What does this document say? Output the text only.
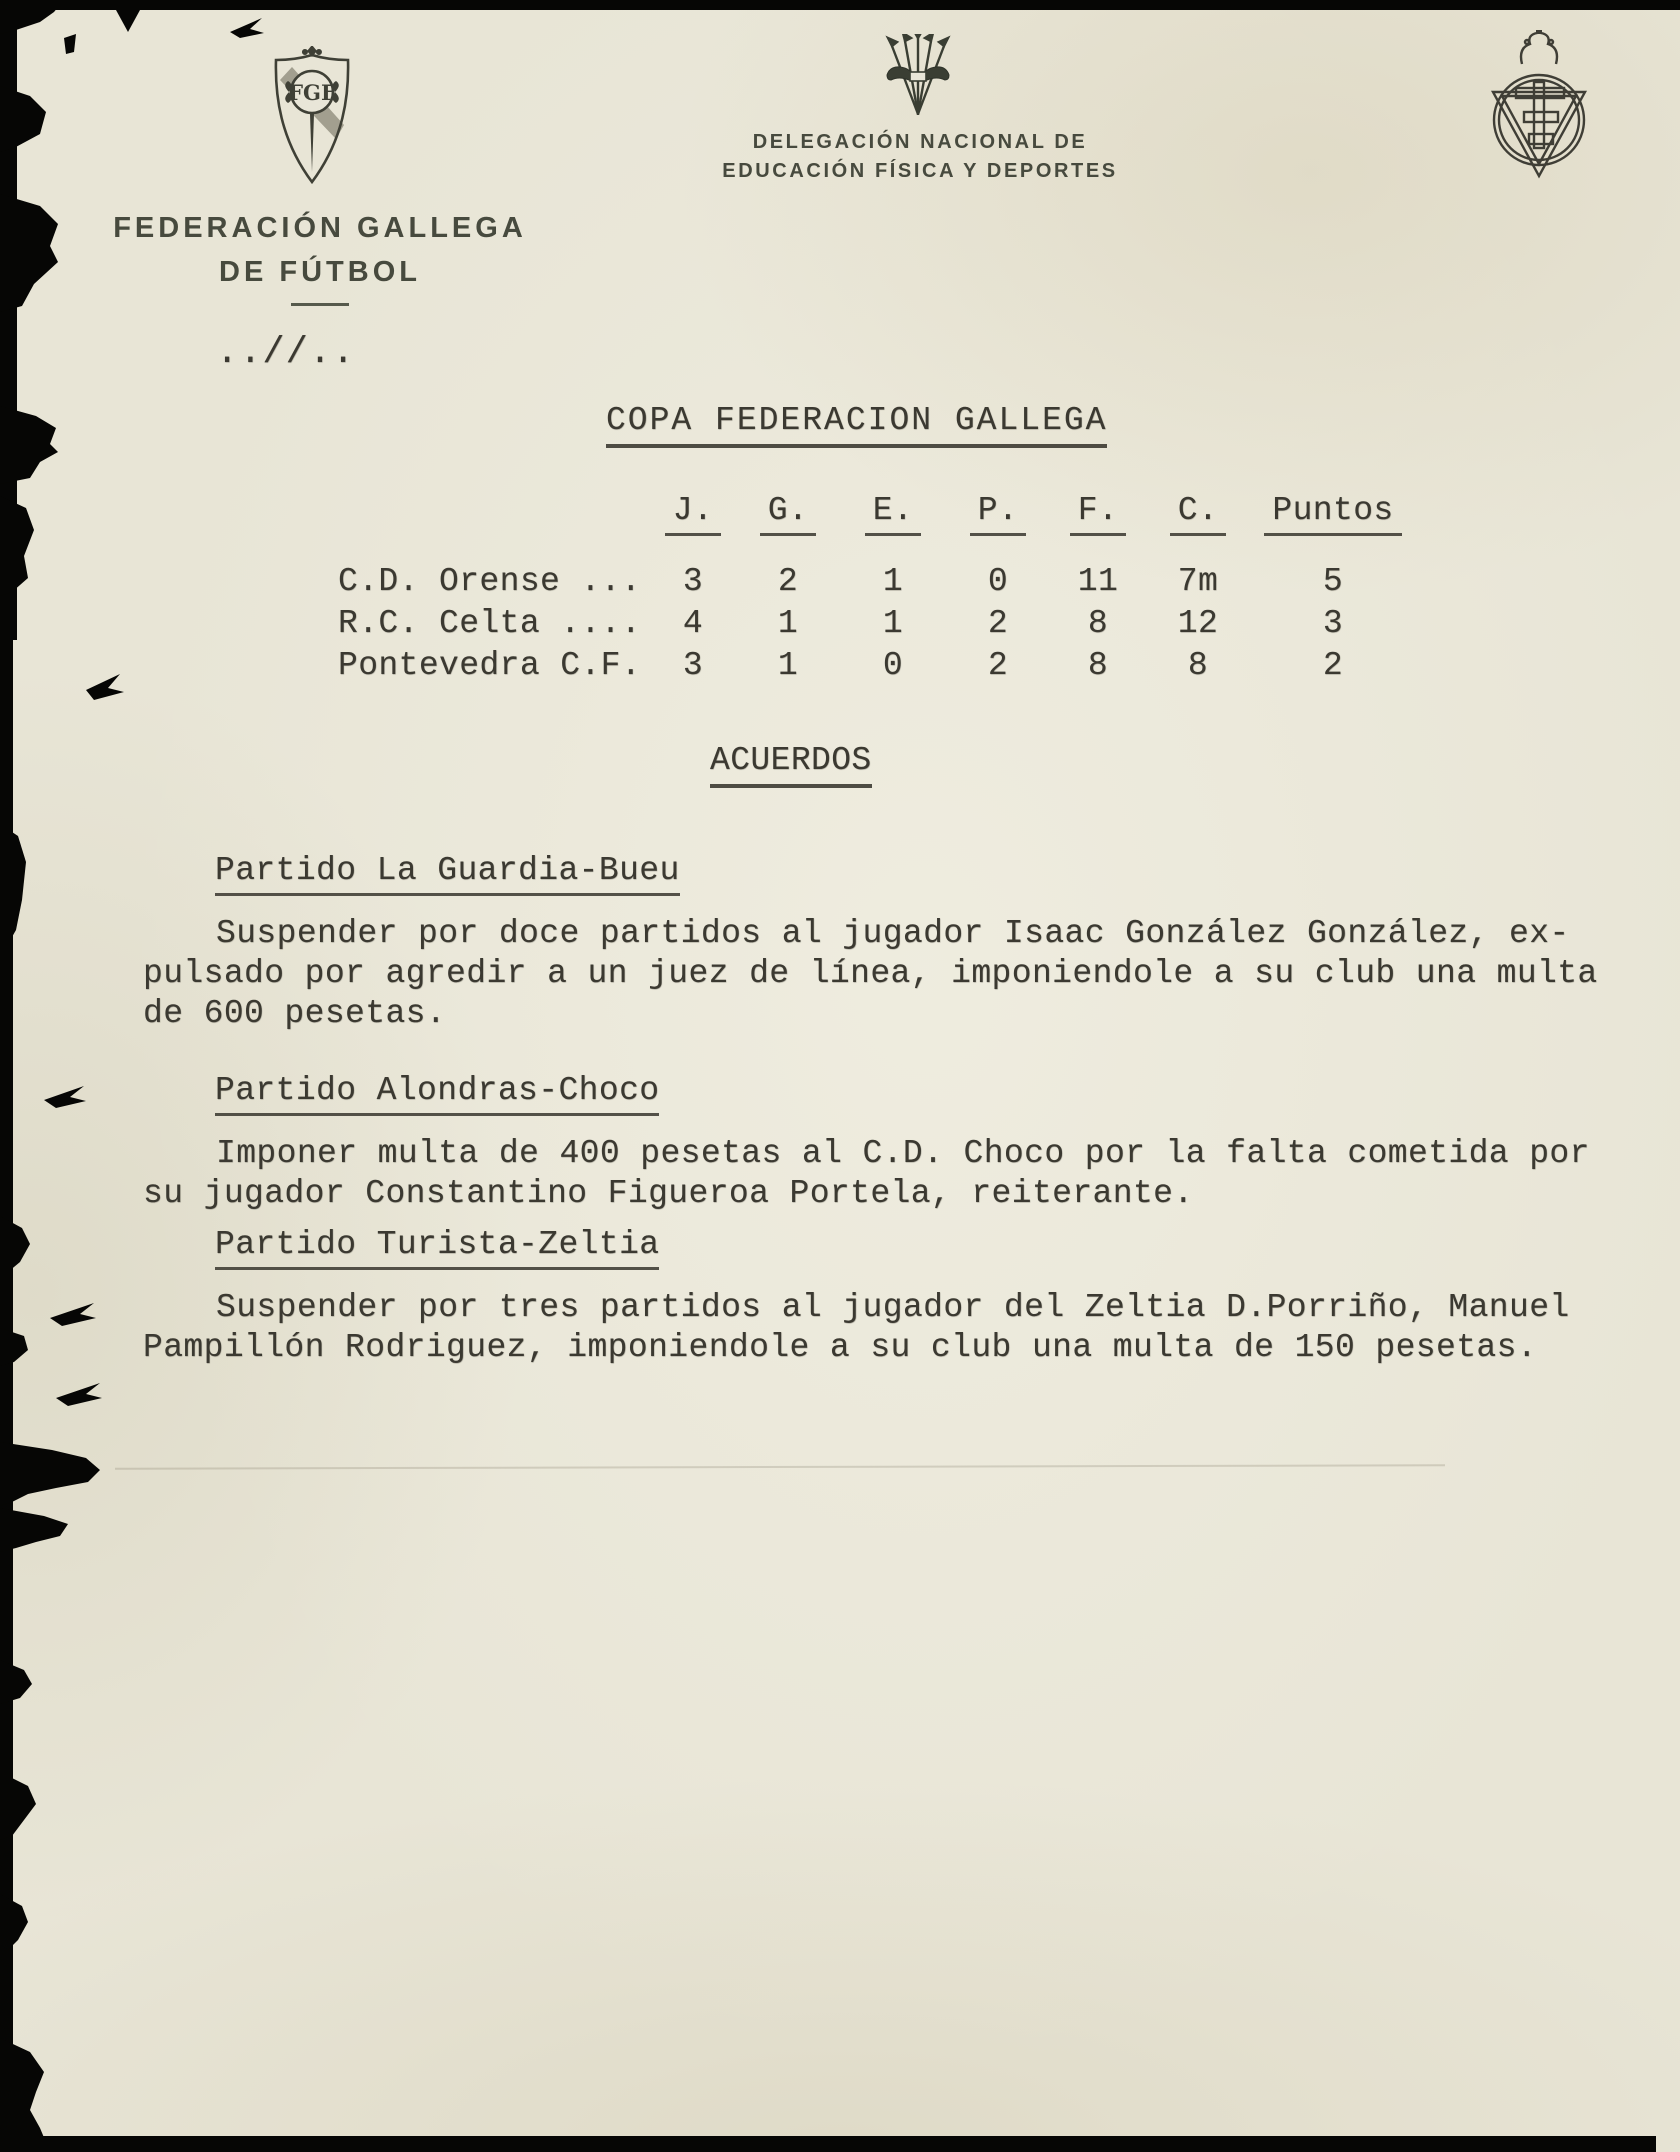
FGF
FEDERACIÓN GALLEGA
DE FÚTBOL
DELEGACIÓN NACIONAL DE
EDUCACIÓN FÍSICA Y DEPORTES
..//..
COPA FEDERACION GALLEGA
J.	G.	E.	P.	F.	C.	Puntos
C.D. Orense ...	3	2	1	0	11	7m	5
R.C. Celta ....	4	1	1	2	8	12	3
Pontevedra C.F.	3	1	0	2	8	8	2
ACUERDOS
Partido La Guardia-Bueu
Suspender por doce partidos al jugador Isaac González González, ex-
pulsado por agredir a un juez de línea, imponiendole a su club una multa
de 600 pesetas.
Partido Alondras-Choco
Imponer multa de 400 pesetas al C.D. Choco por la falta cometida por
su jugador Constantino Figueroa Portela, reiterante.
Partido Turista-Zeltia
Suspender por tres partidos al jugador del Zeltia D.Porriño, Manuel
Pampillón Rodriguez, imponiendole a su club una multa de 150 pesetas.
